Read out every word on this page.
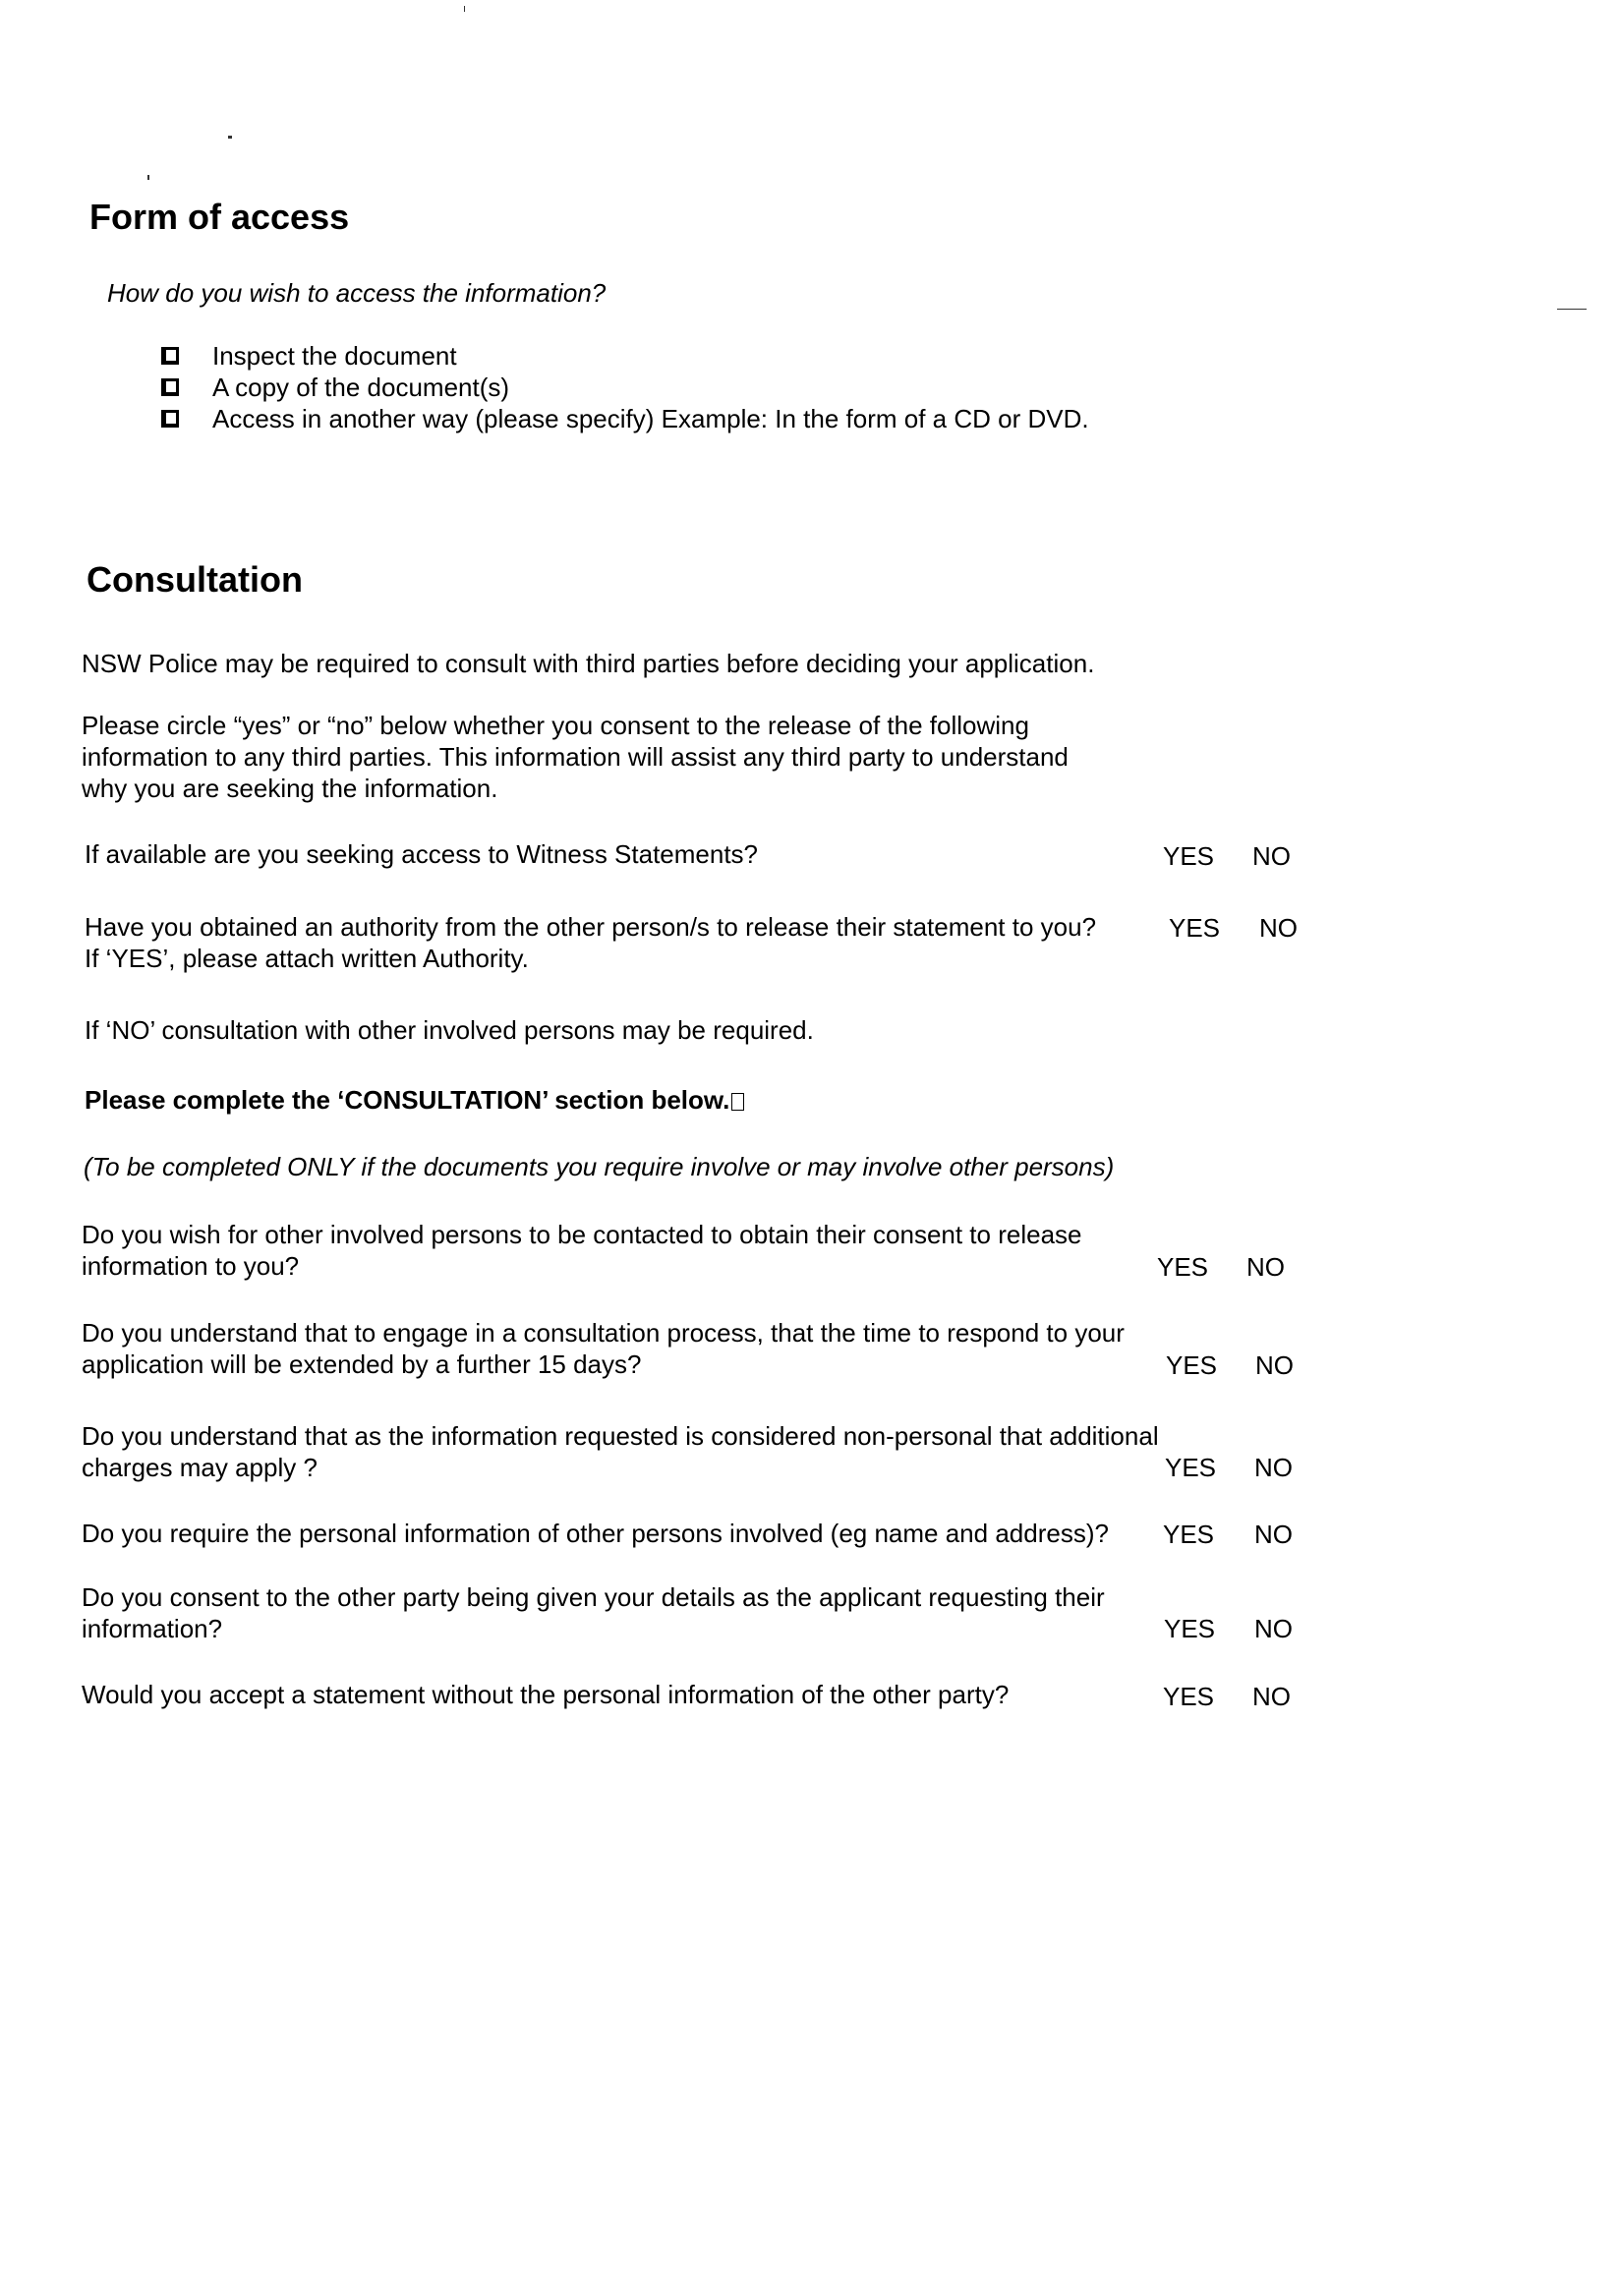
Form of access
How do you wish to access the information?
Inspect the document
A copy of the document(s)
Access in another way (please specify) Example: In the form of a CD or DVD.
Consultation
NSW Police may be required to consult with third parties before deciding your application.
Please circle “yes” or “no” below whether you consent to the release of the following
information to any third parties. This information will assist any third party to understand
why you are seeking the information.
If available are you seeking access to Witness Statements?	YES NO
Have you obtained an authority from the other person/s to release their statement to you?
If ‘YES’, please attach written Authority.
YES NO
If ‘NO’ consultation with other involved persons may be required.
Please complete the ‘CONSULTATION’ section below.
(To be completed ONLY if the documents you require involve or may involve other persons)
Do you wish for other involved persons to be contacted to obtain their consent to release
information to you?	YES NO
Do you understand that to engage in a consultation process, that the time to respond to your
application will be extended by a further 15 days?	YES NO
Do you understand that as the information requested is considered non-personal that additional
charges may apply ?	YES NO
Do you require the personal information of other persons involved (eg name and address)? YES NO
Do you consent to the other party being given your details as the applicant requesting their
information?	YES NO
Would you accept a statement without the personal information of the other party?	YES NO
